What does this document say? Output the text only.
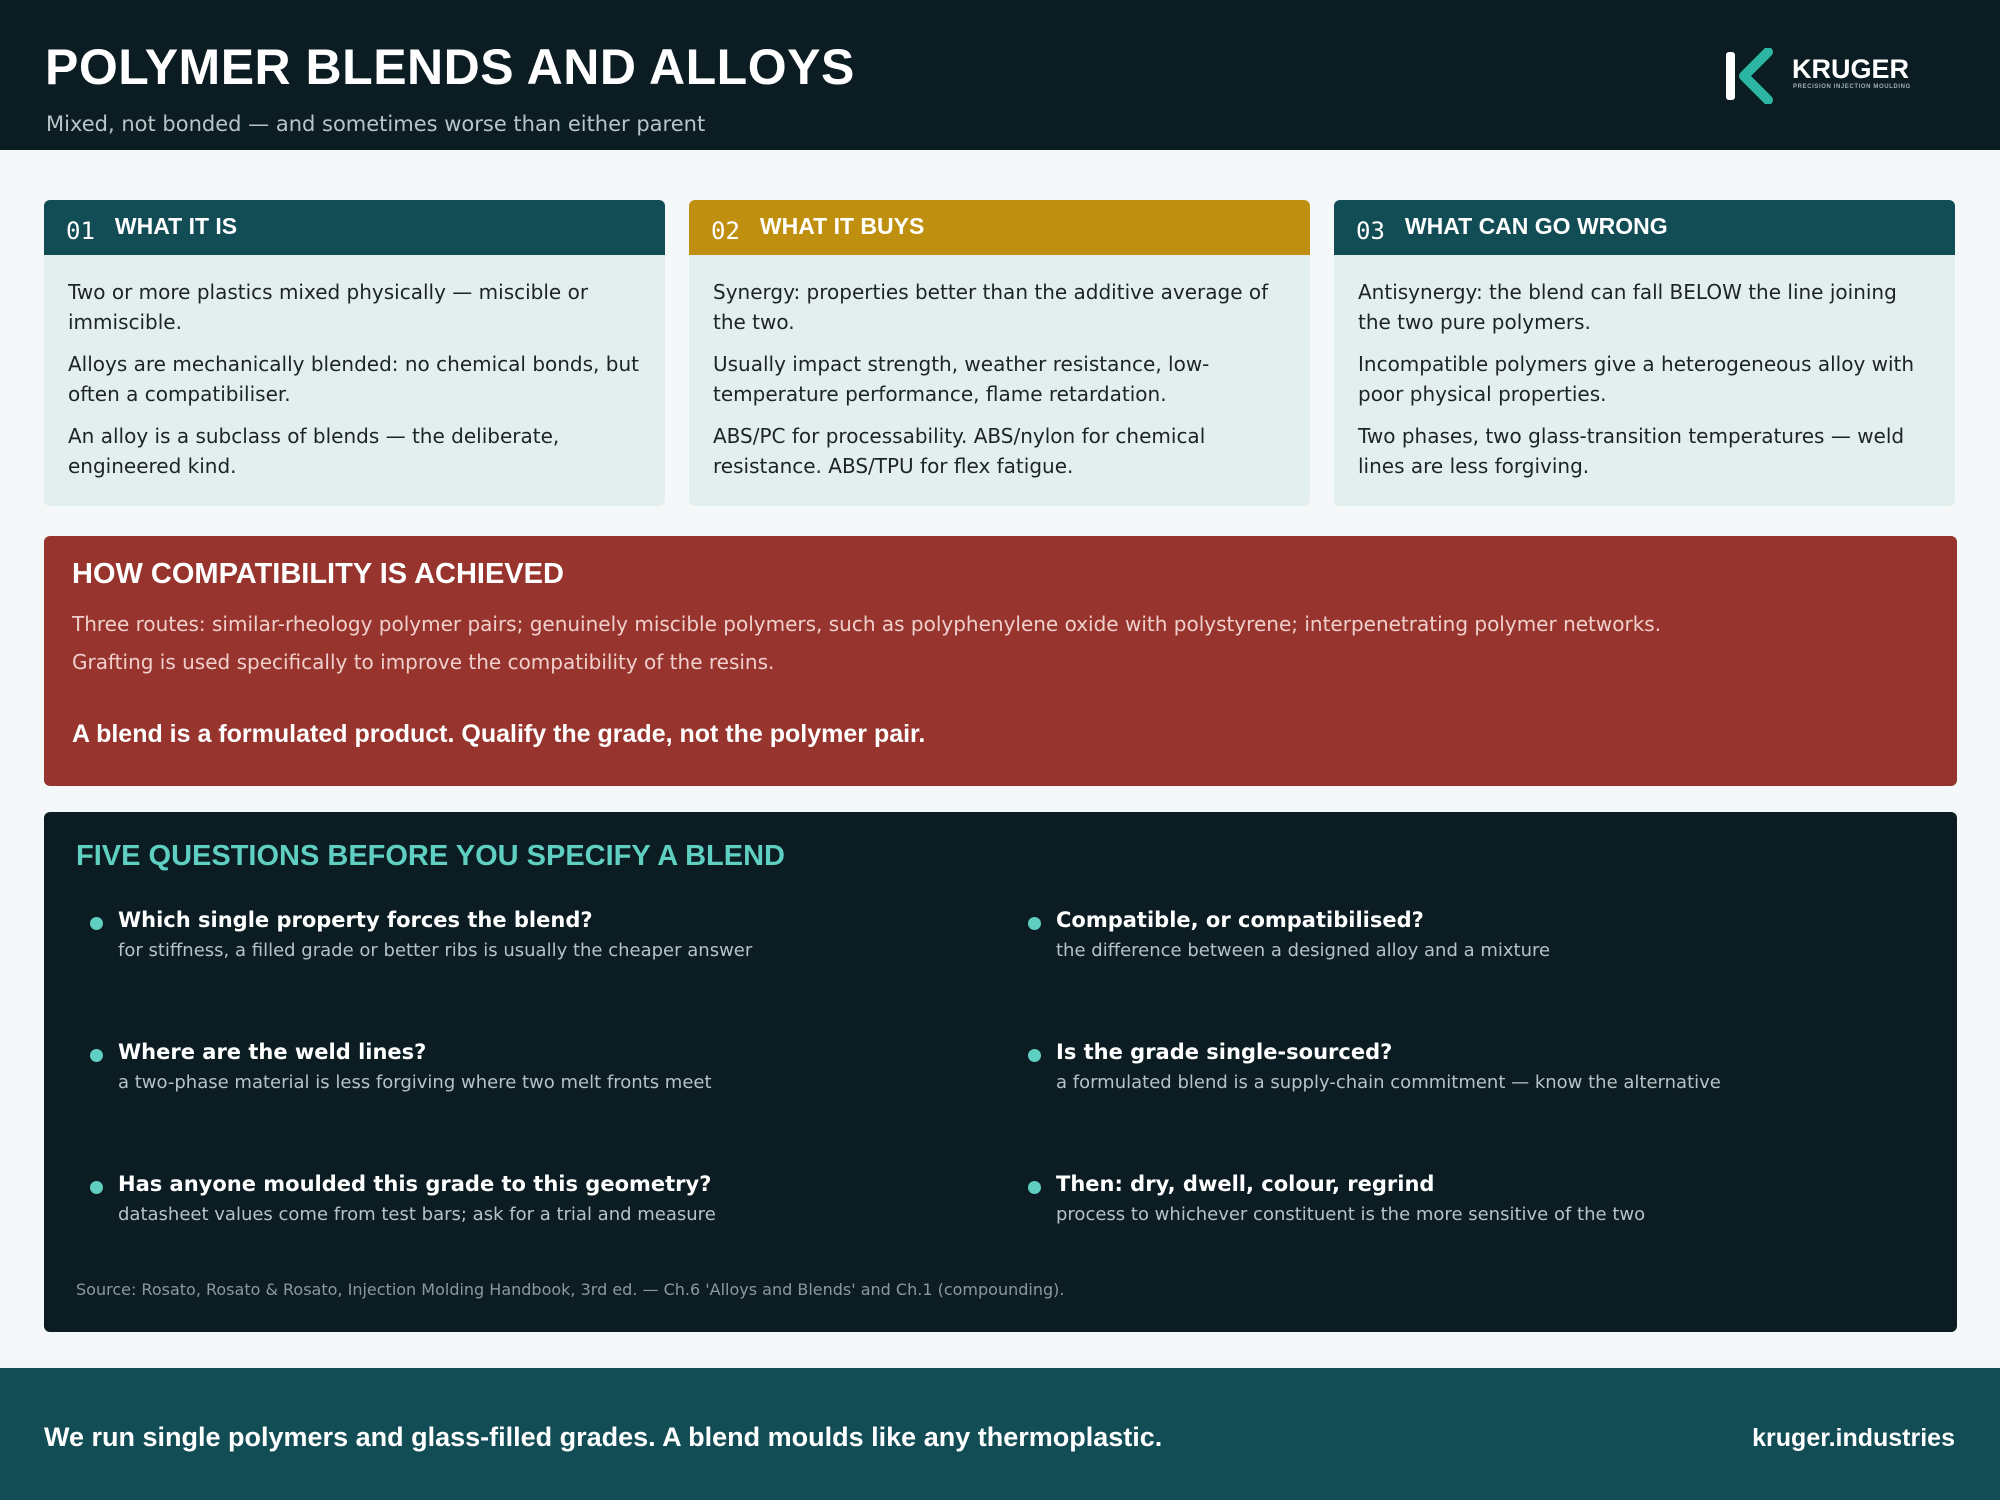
POLYMER BLENDS AND ALLOYS
Mixed, not bonded — and sometimes worse than either parent
KRUGER
PRECISION INJECTION MOULDING
01 WHAT IT IS

Two or more plastics mixed physically — miscible or immiscible.

Alloys are mechanically blended: no chemical bonds, but often a compatibiliser.

An alloy is a subclass of blends — the deliberate, engineered kind.

02 WHAT IT BUYS

Synergy: properties better than the additive average of the two.

Usually impact strength, weather resistance, low-temperature performance, flame retardation.

ABS/PC for processability. ABS/nylon for chemical resistance. ABS/TPU for flex fatigue.

03 WHAT CAN GO WRONG

Antisynergy: the blend can fall BELOW the line joining the two pure polymers.

Incompatible polymers give a heterogeneous alloy with poor physical properties.

Two phases, two glass-transition temperatures — weld lines are less forgiving.

HOW COMPATIBILITY IS ACHIEVED
Three routes: similar-rheology polymer pairs; genuinely miscible polymers, such as polyphenylene oxide with polystyrene; interpenetrating polymer networks.
Grafting is used specifically to improve the compatibility of the resins.
A blend is a formulated product. Qualify the grade, not the polymer pair.
FIVE QUESTIONS BEFORE YOU SPECIFY A BLEND
Which single property forces the blend?
for stiffness, a filled grade or better ribs is usually the cheaper answer
Compatible, or compatibilised?
the difference between a designed alloy and a mixture
Where are the weld lines?
a two-phase material is less forgiving where two melt fronts meet
Is the grade single-sourced?
a formulated blend is a supply-chain commitment — know the alternative
Has anyone moulded this grade to this geometry?
datasheet values come from test bars; ask for a trial and measure
Then: dry, dwell, colour, regrind
process to whichever constituent is the more sensitive of the two
Source: Rosato, Rosato & Rosato, Injection Molding Handbook, 3rd ed. — Ch.6 'Alloys and Blends' and Ch.1 (compounding).
We run single polymers and glass-filled grades. A blend moulds like any thermoplastic.	kruger.industries
